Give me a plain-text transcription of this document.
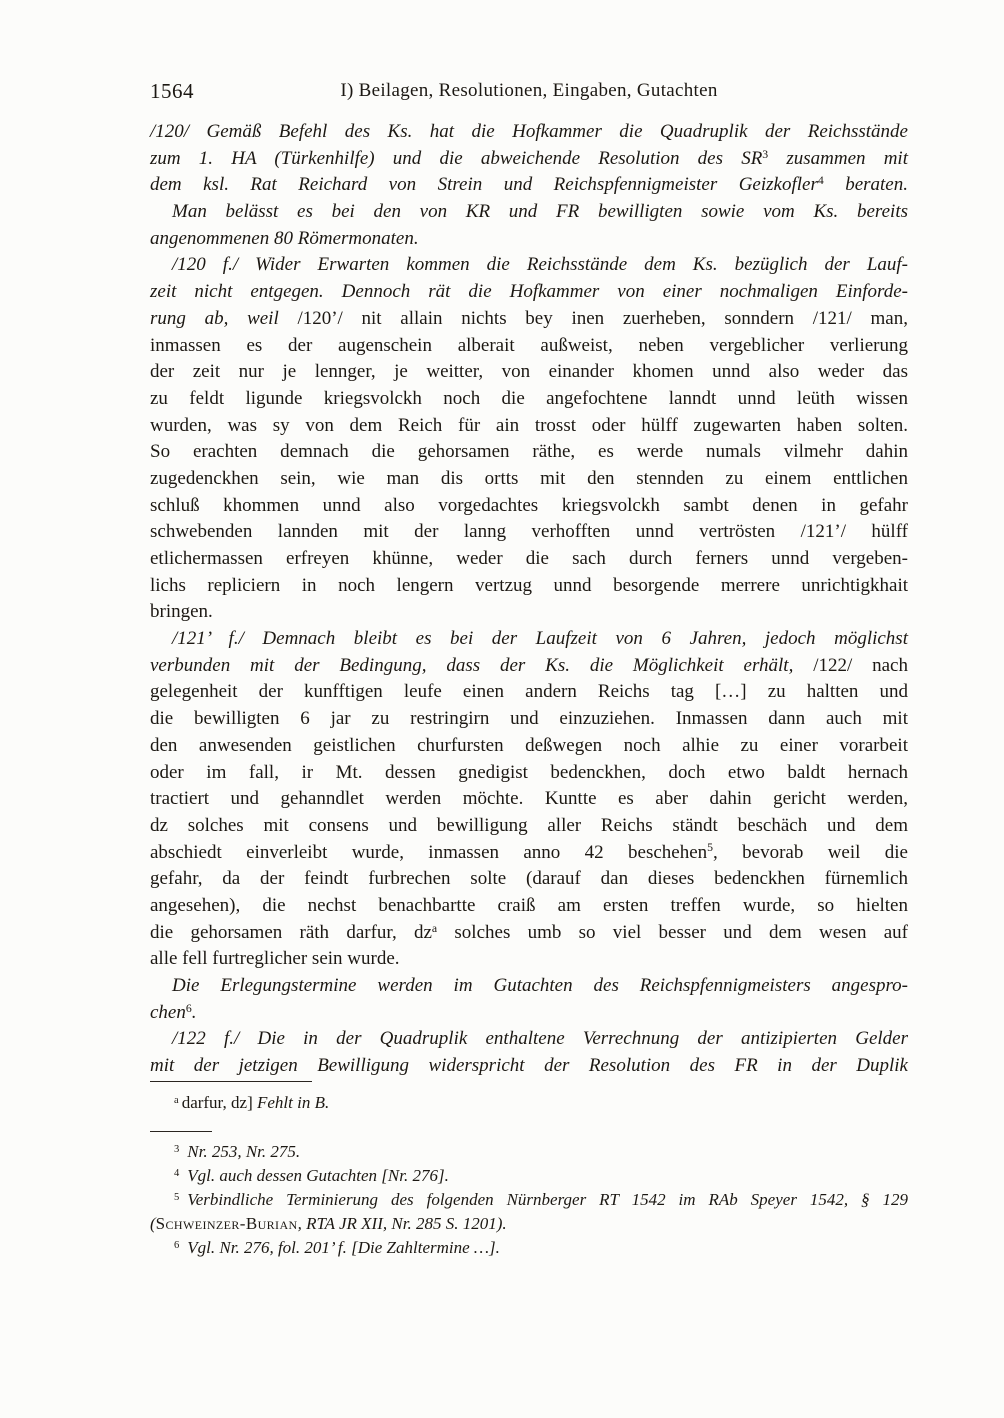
1564	I) Beilagen, Resolutionen, Eingaben, Gutachten
/120/ Gemäß Befehl des Ks. hat die Hofkammer die Quadruplik der Reichsstände
zum 1. HA (Türkenhilfe) und die abweichende Resolution des $SR^3$ zusammen mit
dem ksl. Rat Reichard von Strein und Reichspfennigmeister Geizkofler$^4$ beraten.
Man belässt es bei den von KR und FR bewilligten sowie vom Ks. bereits
angenommenen 80 Römermonaten.
/120 f./ Wider Erwarten kommen die Reichsstände dem Ks. bezüglich der Lauf-
zeit nicht entgegen. Dennoch rät die Hofkammer von einer nochmaligen Einforde-
rung ab, weil /120’/ nit allain nichts bey inen zuerheben, sonndern /121/ man,
inmassen es der augenschein alberait außweist, neben vergeblicher verlierung
der zeit nur je lennger, je weitter, von einander khomen unnd also weder das
zu feldt ligunde kriegsvolckh noch die angefochtene lanndt unnd leüth wissen
wurden, was sy von dem Reich für ain trosst oder hülff zugewarten haben solten.
So erachten demnach die gehorsamen räthe, es werde numals vilmehr dahin
zugedenckhen sein, wie man dis ortts mit den stennden zu einem enttlichen
schluß khommen unnd also vorgedachtes kriegsvolckh sambt denen in gefahr
schwebenden lannden mit der lanng verhofften unnd vertrösten /121’/ hülff
etlichermassen erfreyen khünne, weder die sach durch ferners unnd vergeben-
lichs repliciern in noch lengern vertzug unnd besorgende merrere unrichtigkhait
bringen.
/121’ f./ Demnach bleibt es bei der Laufzeit von 6 Jahren, jedoch möglichst
verbunden mit der Bedingung, dass der Ks. die Möglichkeit erhält, /122/ nach
gelegenheit der kunfftigen leufe einen andern Reichs tag […] zu haltten und
die bewilligten 6 jar zu restringirn und einzuziehen. Inmassen dann auch mit
den anwesenden geistlichen churfursten deßwegen noch alhie zu einer vorarbeit
oder im fall, ir Mt. dessen gnedigist bedenckhen, doch etwo baldt hernach
tractiert und gehanndlet werden möchte. Kuntte es aber dahin gericht werden,
dz solches mit consens und bewilligung aller Reichs ständt beschäch und dem
abschiedt einverleibt wurde, inmassen anno 42 beschehen$^5$, bevorab weil die
gefahr, da der feindt furbrechen solte (darauf dan dieses bedenckhen fürnemlich
angesehen), die nechst benachbartte craiß am ersten treffen wurde, so hielten
die gehorsamen räth darfur, $dz^a$ solches umb so viel besser und dem wesen auf
alle fell furtreglicher sein wurde.
Die Erlegungstermine werden im Gutachten des Reichspfennigmeisters angespro-
chen$^6$.
/122 f./ Die in der Quadruplik enthaltene Verrechnung der antizipierten Gelder
mit der jetzigen Bewilligung widerspricht der Resolution des FR in der Duplik
$^a$ darfur, dz] Fehlt in B.
$^3$ Nr. 253, Nr. 275.
$^4$ Vgl. auch dessen Gutachten [Nr. 276].
$^5$ Verbindliche Terminierung des folgenden Nürnberger RT 1542 im RAb Speyer 1542, § 129
(Schweinzer-Burian, RTA JR XII, Nr. 285 S. 1201).
$^6$ Vgl. Nr. 276, fol. 201’ f. [Die Zahltermine …].
